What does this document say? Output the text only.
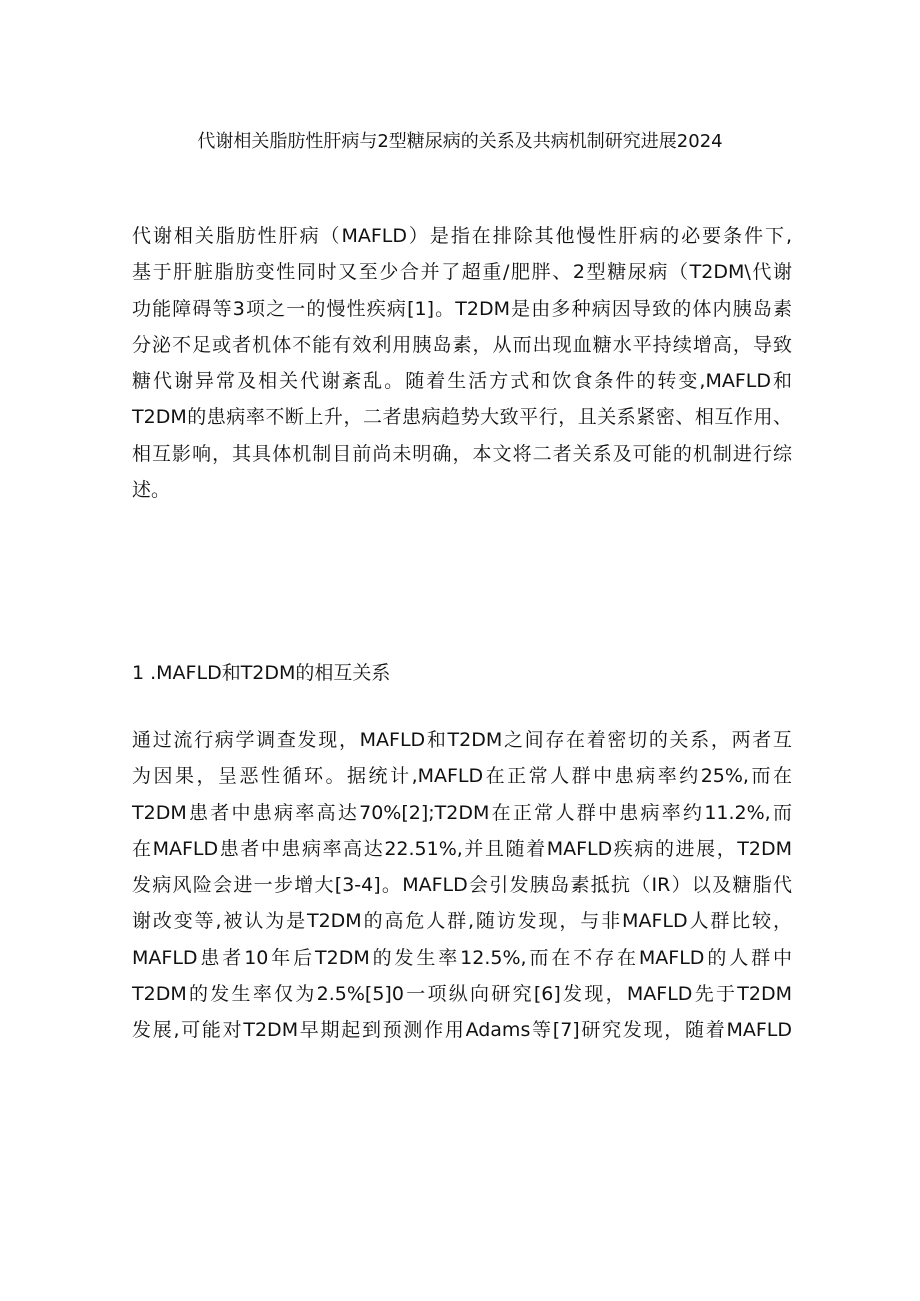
代谢相关脂肪性肝病与2型糖尿病的关系及共病机制研究进展2024
代谢相关脂肪性肝病（MAFLD）是指在排除其他慢性肝病的必要条件下,
基于肝脏脂肪变性同时又至少合并了超重/肥胖、2型糖尿病（T2DM\代谢
功能障碍等3项之一的慢性疾病[1]。T2DM是由多种病因导致的体内胰岛素
分泌不足或者机体不能有效利用胰岛素，从而出现血糖水平持续增高，导致
糖代谢异常及相关代谢紊乱。随着生活方式和饮食条件的转变,MAFLD和
T2DM的患病率不断上升，二者患病趋势大致平行，且关系紧密、相互作用、
相互影响，其具体机制目前尚未明确，本文将二者关系及可能的机制进行综
述。
1 .MAFLD和T2DM的相互关系
通过流行病学调查发现，MAFLD和T2DM之间存在着密切的关系，两者互
为因果，呈恶性循环。据统计,MAFLD在正常人群中患病率约25%,而在
T2DM患者中患病率高达70%[2];T2DM在正常人群中患病率约11.2%,而
在MAFLD患者中患病率高达22.51%,并且随着MAFLD疾病的进展，T2DM
发病风险会进一步增大[3-4]。MAFLD会引发胰岛素抵抗（IR）以及糖脂代
谢改变等,被认为是T2DM的高危人群,随访发现，与非MAFLD人群比较，
MAFLD患者10年后T2DM的发生率12.5%,而在不存在MAFLD的人群中
T2DM的发生率仅为2.5%[5]0一项纵向研究[6]发现，MAFLD先于T2DM
发展,可能对T2DM早期起到预测作用Adams等[7]研究发现，随着MAFLD
